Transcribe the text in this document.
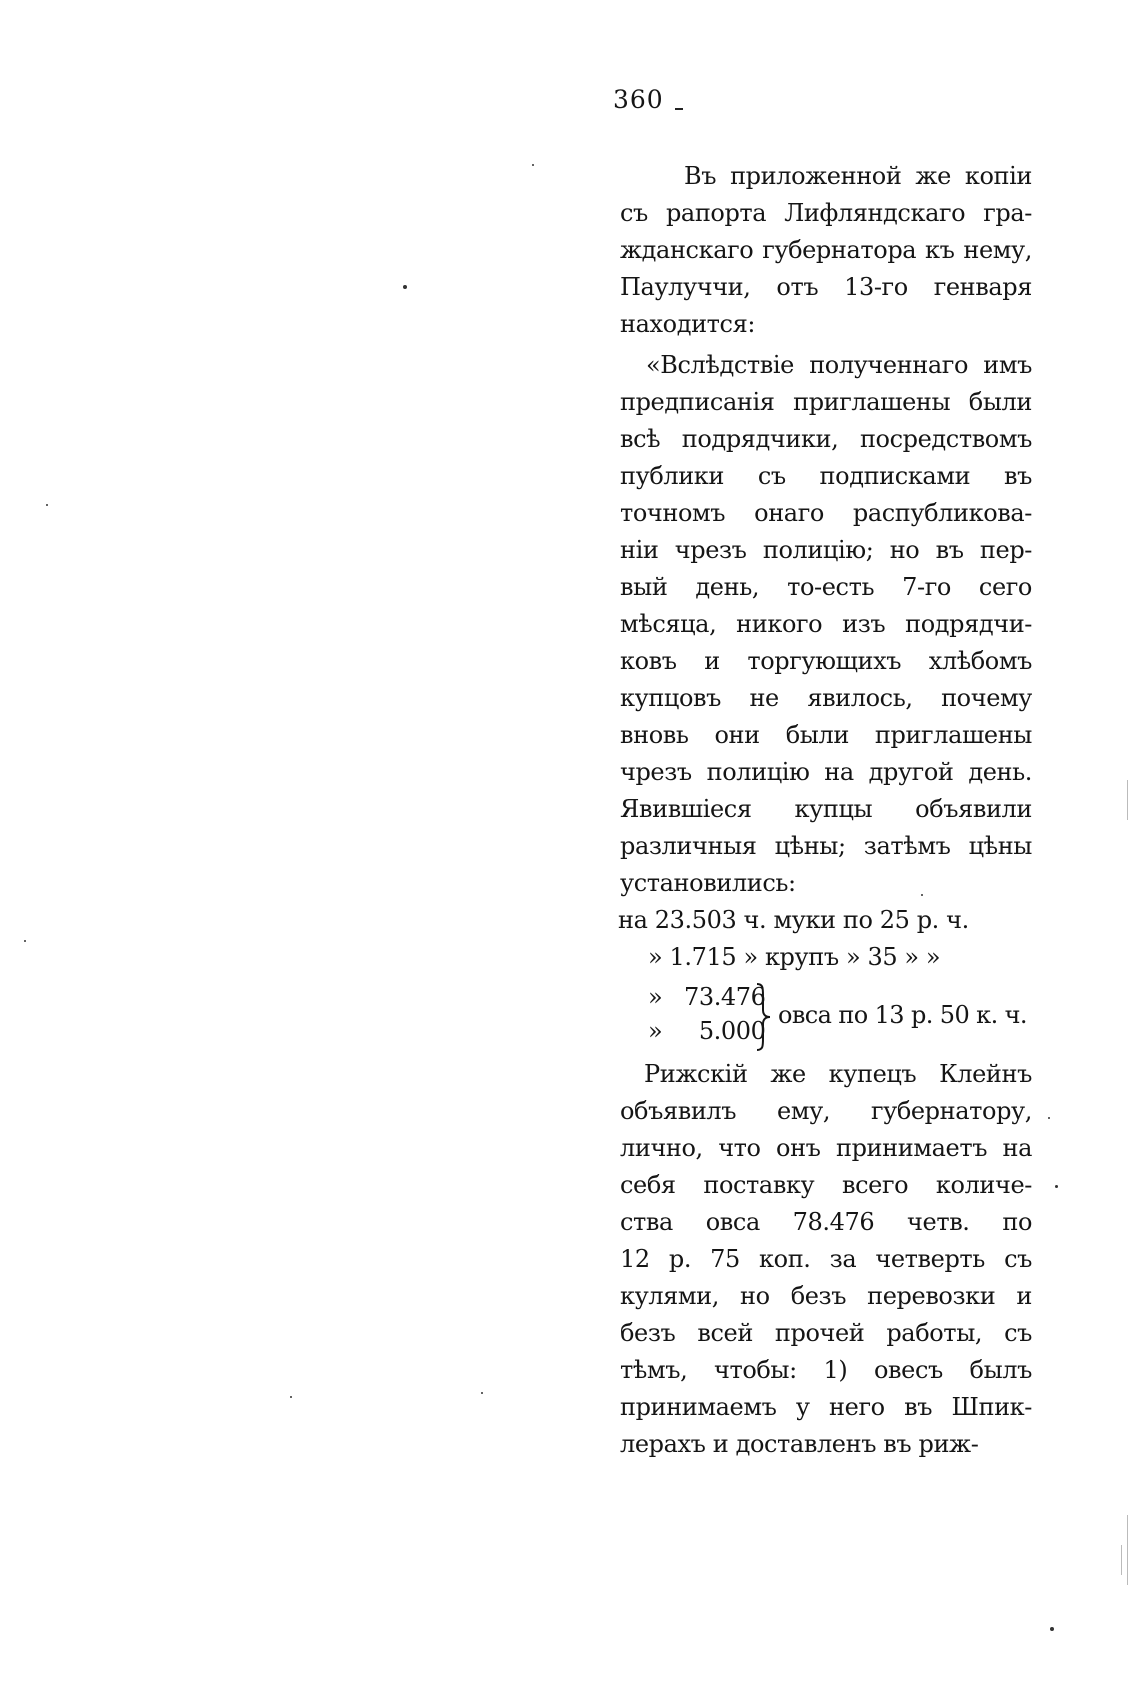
360
Въ приложенной же копіи
съ рапорта Лифляндскаго гра-
жданскаго губернатора къ нему,
Паулуччи, отъ 13-го генваря
находится:
«Вслѣдствіе полученнаго имъ
предписанія приглашены были
всѣ подрядчики, посредствомъ
публики съ подписками въ
точномъ онаго распубликова-
ніи чрезъ полицію; но въ пер-
вый день, то-есть 7-го сего
мѣсяца, никого изъ подрядчи-
ковъ и торгующихъ хлѣбомъ
купцовъ не явилось, почему
вновь они были приглашены
чрезъ полицію на другой день.
Явившіеся купцы объявили
различныя цѣны; затѣмъ цѣны
установились:
на 23.503 ч. муки по 25 р. ч.
» 1.715 » крупъ » 35 » »
» 73.476
» 5.000
овса по 13 р. 50 к. ч.
Рижскій же купецъ Клейнъ
объявилъ ему, губернатору,
лично, что онъ принимаетъ на
себя поставку всего количе-
ства овса 78.476 четв. по
12 р. 75 коп. за четверть съ
кулями, но безъ перевозки и
безъ всей прочей работы, съ
тѣмъ, чтобы: 1) овесъ былъ
принимаемъ у него въ Шпик-
лерахъ и доставленъ въ риж-
